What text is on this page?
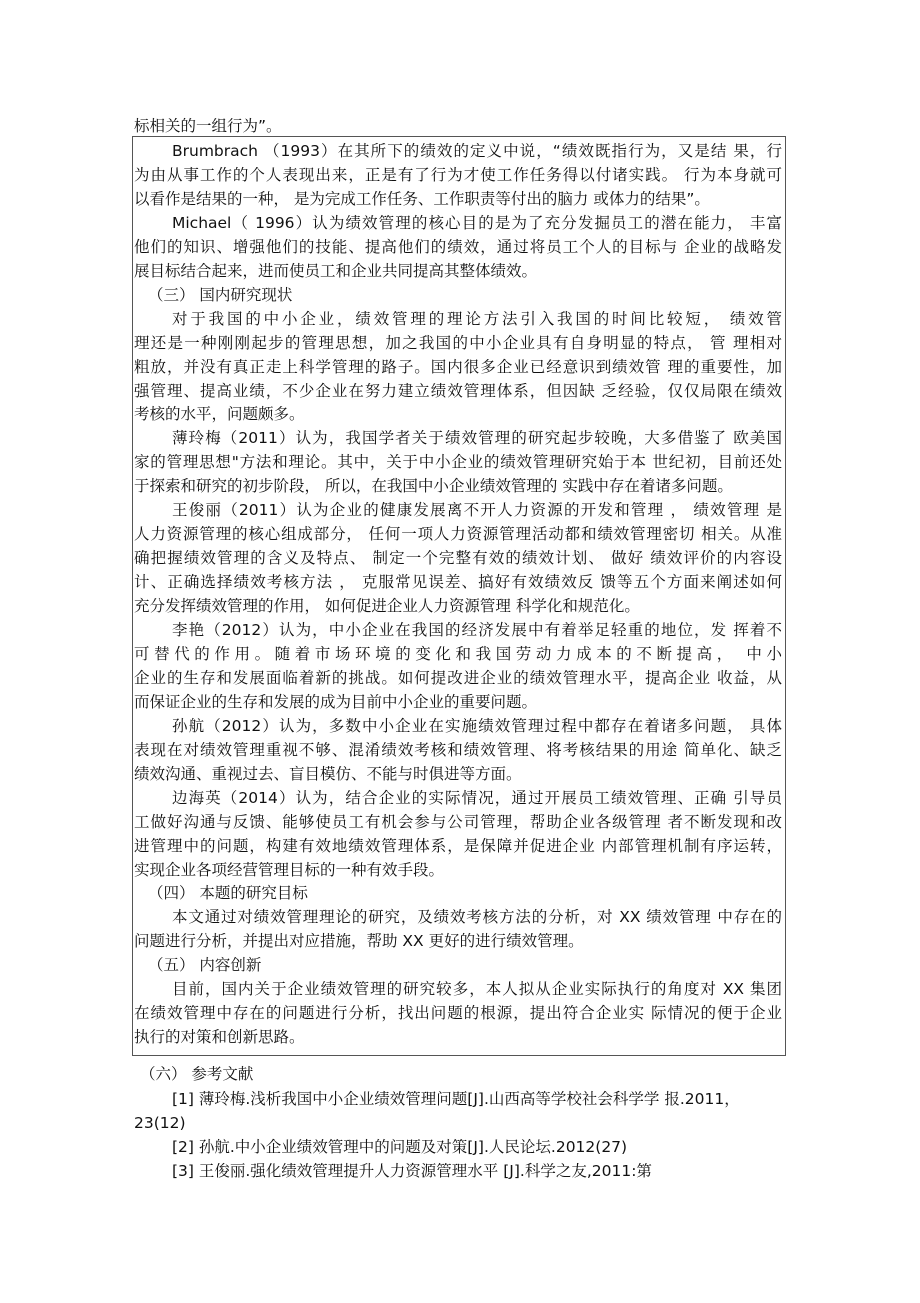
标相关的一组行为”。
Brumbrach （1993）在其所下的绩效的定义中说，“绩效既指行为，又是结 果，行
为由从事工作的个人表现出来，正是有了行为才使工作任务得以付诸实践。 行为本身就可
以看作是结果的一种， 是为完成工作任务、工作职责等付出的脑力 或体力的结果”。
Michael（ 1996）认为绩效管理的核心目的是为了充分发掘员工的潜在能力， 丰富
他们的知识、增强他们的技能、提高他们的绩效，通过将员工个人的目标与 企业的战略发
展目标结合起来，进而使员工和企业共同提高其整体绩效。
（三） 国内研究现状
对于我国的中小企业，绩效管理的理论方法引入我国的时间比较短， 绩效管
理还是一种刚刚起步的管理思想，加之我国的中小企业具有自身明显的特点， 管 理相对
粗放，并没有真正走上科学管理的路子。国内很多企业已经意识到绩效管 理的重要性，加
强管理、提高业绩，不少企业在努力建立绩效管理体系，但因缺 乏经验，仅仅局限在绩效
考核的水平，问题颇多。
薄玲梅（2011）认为，我国学者关于绩效管理的研究起步较晚，大多借鉴了 欧美国
家的管理思想"方法和理论。其中，关于中小企业的绩效管理研究始于本 世纪初，目前还处
于探索和研究的初步阶段， 所以，在我国中小企业绩效管理的 实践中存在着诸多问题。
王俊丽（2011）认为企业的健康发展离不开人力资源的开发和管理 ， 绩效管理 是
人力资源管理的核心组成部分， 任何一项人力资源管理活动都和绩效管理密切 相关。从准
确把握绩效管理的含义及特点、 制定一个完整有效的绩效计划、 做好 绩效评价的内容设
计、正确选择绩效考核方法 ， 克服常见误差、搞好有效绩效反 馈等五个方面来阐述如何
充分发挥绩效管理的作用， 如何促进企业人力资源管理 科学化和规范化。
李艳（2012）认为，中小企业在我国的经济发展中有着举足轻重的地位，发 挥着不
可替代的作用。随着市场环境的变化和我国劳动力成本的不断提高， 中小
企业的生存和发展面临着新的挑战。如何提改进企业的绩效管理水平，提高企业 收益，从
而保证企业的生存和发展的成为目前中小企业的重要问题。
孙航（2012）认为，多数中小企业在实施绩效管理过程中都存在着诸多问题， 具体
表现在对绩效管理重视不够、混淆绩效考核和绩效管理、将考核结果的用途 简单化、缺乏
绩效沟通、重视过去、盲目模仿、不能与时俱进等方面。
边海英（2014）认为，结合企业的实际情况，通过开展员工绩效管理、正确 引导员
工做好沟通与反馈、能够使员工有机会参与公司管理，帮助企业各级管理 者不断发现和改
进管理中的问题，构建有效地绩效管理体系，是保障并促进企业 内部管理机制有序运转，
实现企业各项经营管理目标的一种有效手段。
（四） 本题的研究目标
本文通过对绩效管理理论的研究，及绩效考核方法的分析，对 XX 绩效管理 中存在的
问题进行分析，并提出对应措施，帮助 XX 更好的进行绩效管理。
（五） 内容创新
目前，国内关于企业绩效管理的研究较多，本人拟从企业实际执行的角度对 XX 集团
在绩效管理中存在的问题进行分析，找出问题的根源，提出符合企业实 际情况的便于企业
执行的对策和创新思路。
（六） 参考文献
[1] 薄玲梅.浅析我国中小企业绩效管理问题[J].山西高等学校社会科学学 报.2011，
23(12)
[2] 孙航.中小企业绩效管理中的问题及对策[J].人民论坛.2012(27)
[3] 王俊丽.强化绩效管理提升人力资源管理水平 [J].科学之友,2011:第
